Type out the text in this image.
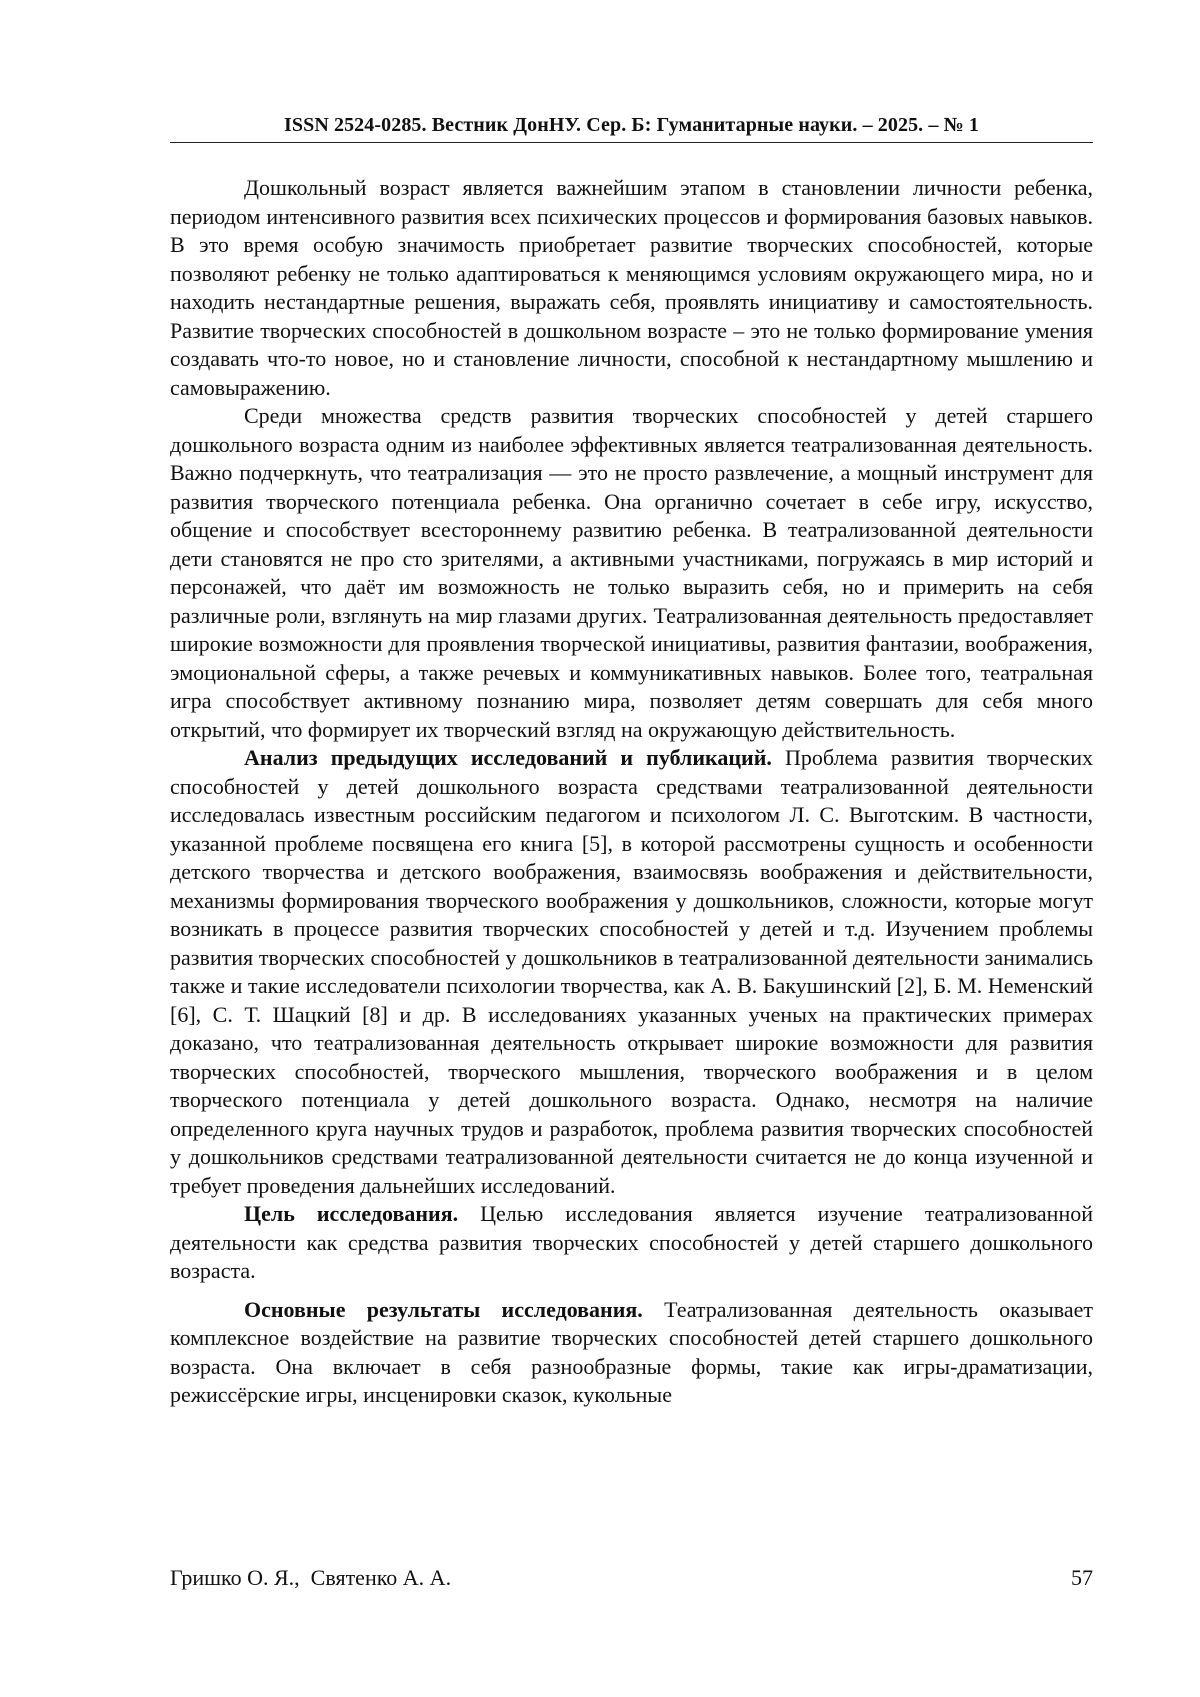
ISSN 2524-0285. Вестник ДонНУ. Сер. Б: Гуманитарные науки. – 2025. – № 1

Дошкольный возраст является важнейшим этапом в становлении личности ребенка, периодом интенсивного развития всех психических процессов и формирования базовых навыков. В это время особую значимость приобретает развитие творческих способностей, которые позволяют ребенку не только адаптироваться к меняющимся условиям окружающего мира, но и находить нестандартные решения, выражать себя, проявлять инициативу и самостоятельность. Развитие творческих способностей в дошкольном возрасте – это не только формирование умения создавать что-то новое, но и становление личности, способной к нестандартному мышлению и самовыражению.

Среди множества средств развития творческих способностей у детей старшего дошкольного возраста одним из наиболее эффективных является театрализованная деятельность. Важно подчеркнуть, что театрализация — это не просто развлечение, а мощный инструмент для развития творческого потенциала ребенка. Она органично сочетает в себе игру, искусство, общение и способствует всестороннему развитию ребенка. В театрализованной деятельности дети становятся не про сто зрителями, а активными участниками, погружаясь в мир историй и персонажей, что даёт им возможность не только выразить себя, но и примерить на себя различные роли, взглянуть на мир глазами других. Театрализованная деятельность предоставляет широкие возможности для проявления творческой инициативы, развития фантазии, воображения, эмоциональной сферы, а также речевых и коммуникативных навыков. Более того, театральная игра способствует активному познанию мира, позволяет детям совершать для себя много открытий, что формирует их творческий взгляд на окружающую действительность.

Анализ предыдущих исследований и публикаций. Проблема развития творческих способностей у детей дошкольного возраста средствами театрализованной деятельности исследовалась известным российским педагогом и психологом Л. С. Выготским. В частности, указанной проблеме посвящена его книга [5], в которой рассмотрены сущность и особенности детского творчества и детского воображения, взаимосвязь воображения и действительности, механизмы формирования творческого воображения у дошкольников, сложности, которые могут возникать в процессе развития творческих способностей у детей и т.д. Изучением проблемы развития творческих способностей у дошкольников в театрализованной деятельности занимались также и такие исследователи психологии творчества, как А. В. Бакушинский [2], Б. М. Неменский [6], С. Т. Шацкий [8] и др. В исследованиях указанных ученых на практических примерах доказано, что театрализованная деятельность открывает широкие возможности для развития творческих способностей, творческого мышления, творческого воображения и в целом творческого потенциала у детей дошкольного возраста. Однако, несмотря на наличие определенного круга научных трудов и разработок, проблема развития творческих способностей у дошкольников средствами театрализованной деятельности считается не до конца изученной и требует проведения дальнейших исследований.

Цель исследования. Целью исследования является изучение театрализованной деятельности как средства развития творческих способностей у детей старшего дошкольного возраста.

Основные результаты исследования. Театрализованная деятельность оказывает комплексное воздействие на развитие творческих способностей детей старшего дошкольного возраста. Она включает в себя разнообразные формы, такие как игры-драматизации, режиссёрские игры, инсценировки сказок, кукольные

Гришко О. Я.,  Святенко А. А.	57
